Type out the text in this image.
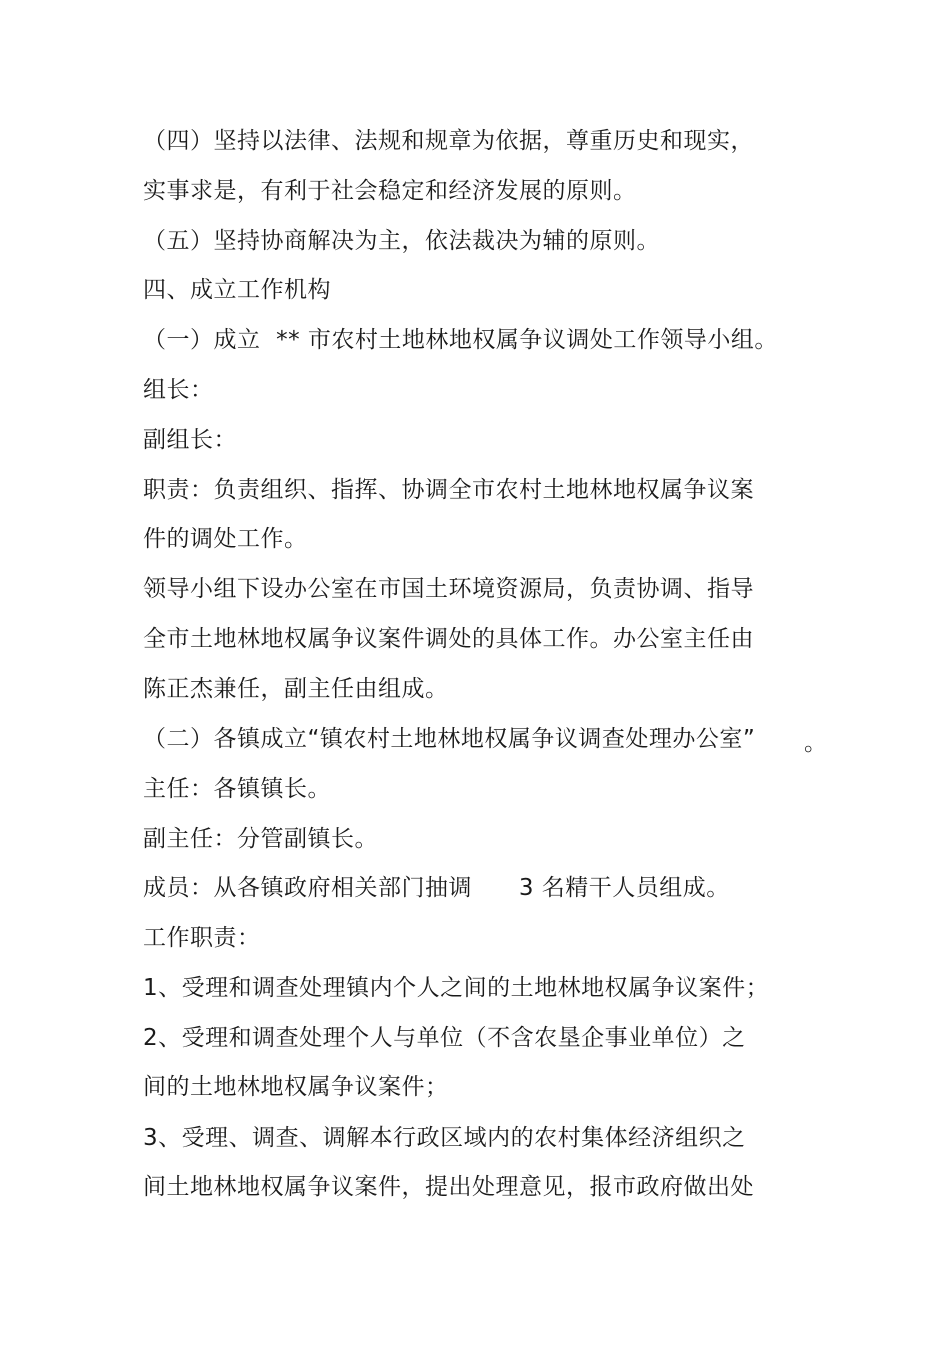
（四）坚持以法律、法规和规章为依据，尊重历史和现实，
实事求是，有利于社会稳定和经济发展的原则。
（五）坚持协商解决为主，依法裁决为辅的原则。
四、成立工作机构
（一）成立  ** 市农村土地林地权属争议调处工作领导小组。
组长：
副组长：
职责：负责组织、指挥、协调全市农村土地林地权属争议案
件的调处工作。
领导小组下设办公室在市国土环境资源局，负责协调、指导
全市土地林地权属争议案件调处的具体工作。办公室主任由
陈正杰兼任，副主任由组成。
（二）各镇成立“镇农村土地林地权属争议调查处理办公室” 。
主任：各镇镇长。
副主任：分管副镇长。
成员：从各镇政府相关部门抽调      3 名精干人员组成。
工作职责：
1、受理和调查处理镇内个人之间的土地林地权属争议案件；
2、受理和调查处理个人与单位（不含农垦企事业单位）之
间的土地林地权属争议案件；
3、受理、调查、调解本行政区域内的农村集体经济组织之
间土地林地权属争议案件，提出处理意见，报市政府做出处
